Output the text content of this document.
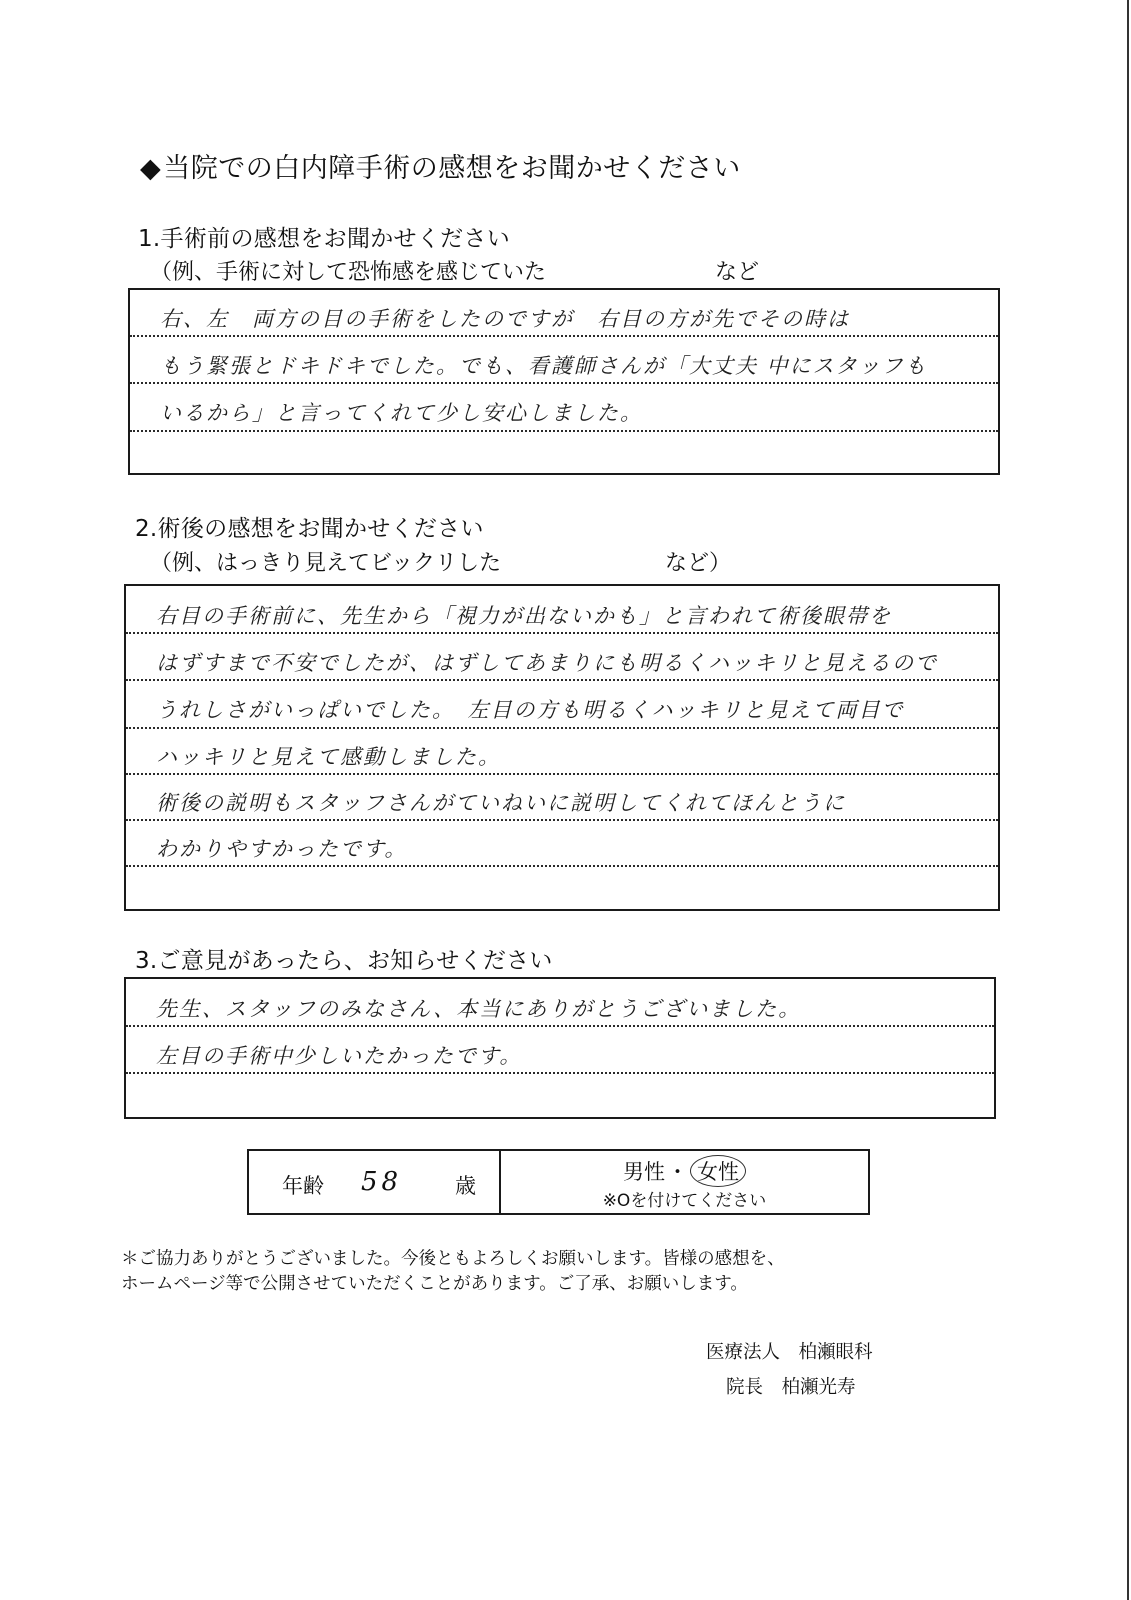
◆当院での白内障手術の感想をお聞かせください
1.手術前の感想をお聞かせください
（例、手術に対して恐怖感を感じていた	など
右、左　両方の目の手術をしたのですが　右目の方が先でその時は
もう緊張とドキドキでした。でも、看護師さんが「大丈夫 中にスタッフも
いるから」と言ってくれて少し安心しました。
2.術後の感想をお聞かせください
（例、はっきり見えてビックリした	など）
右目の手術前に、先生から「視力が出ないかも」と言われて術後眼帯を
はずすまで不安でしたが、はずしてあまりにも明るくハッキリと見えるので
うれしさがいっぱいでした。　左目の方も明るくハッキリと見えて両目で
ハッキリと見えて感動しました。
術後の説明もスタッフさんがていねいに説明してくれてほんとうに
わかりやすかったです。
3.ご意見があったら、お知らせください
先生、スタッフのみなさん、本当にありがとうございました。
左目の手術中少しいたかったです。
年齢 58	歳
男性・ 女性
※Oを付けてください
＊ご協力ありがとうございました。今後ともよろしくお願いします。皆様の感想を、
ホームページ等で公開させていただくことがあります。ご了承、お願いします。
医療法人　柏瀬眼科
院長　柏瀬光寿
